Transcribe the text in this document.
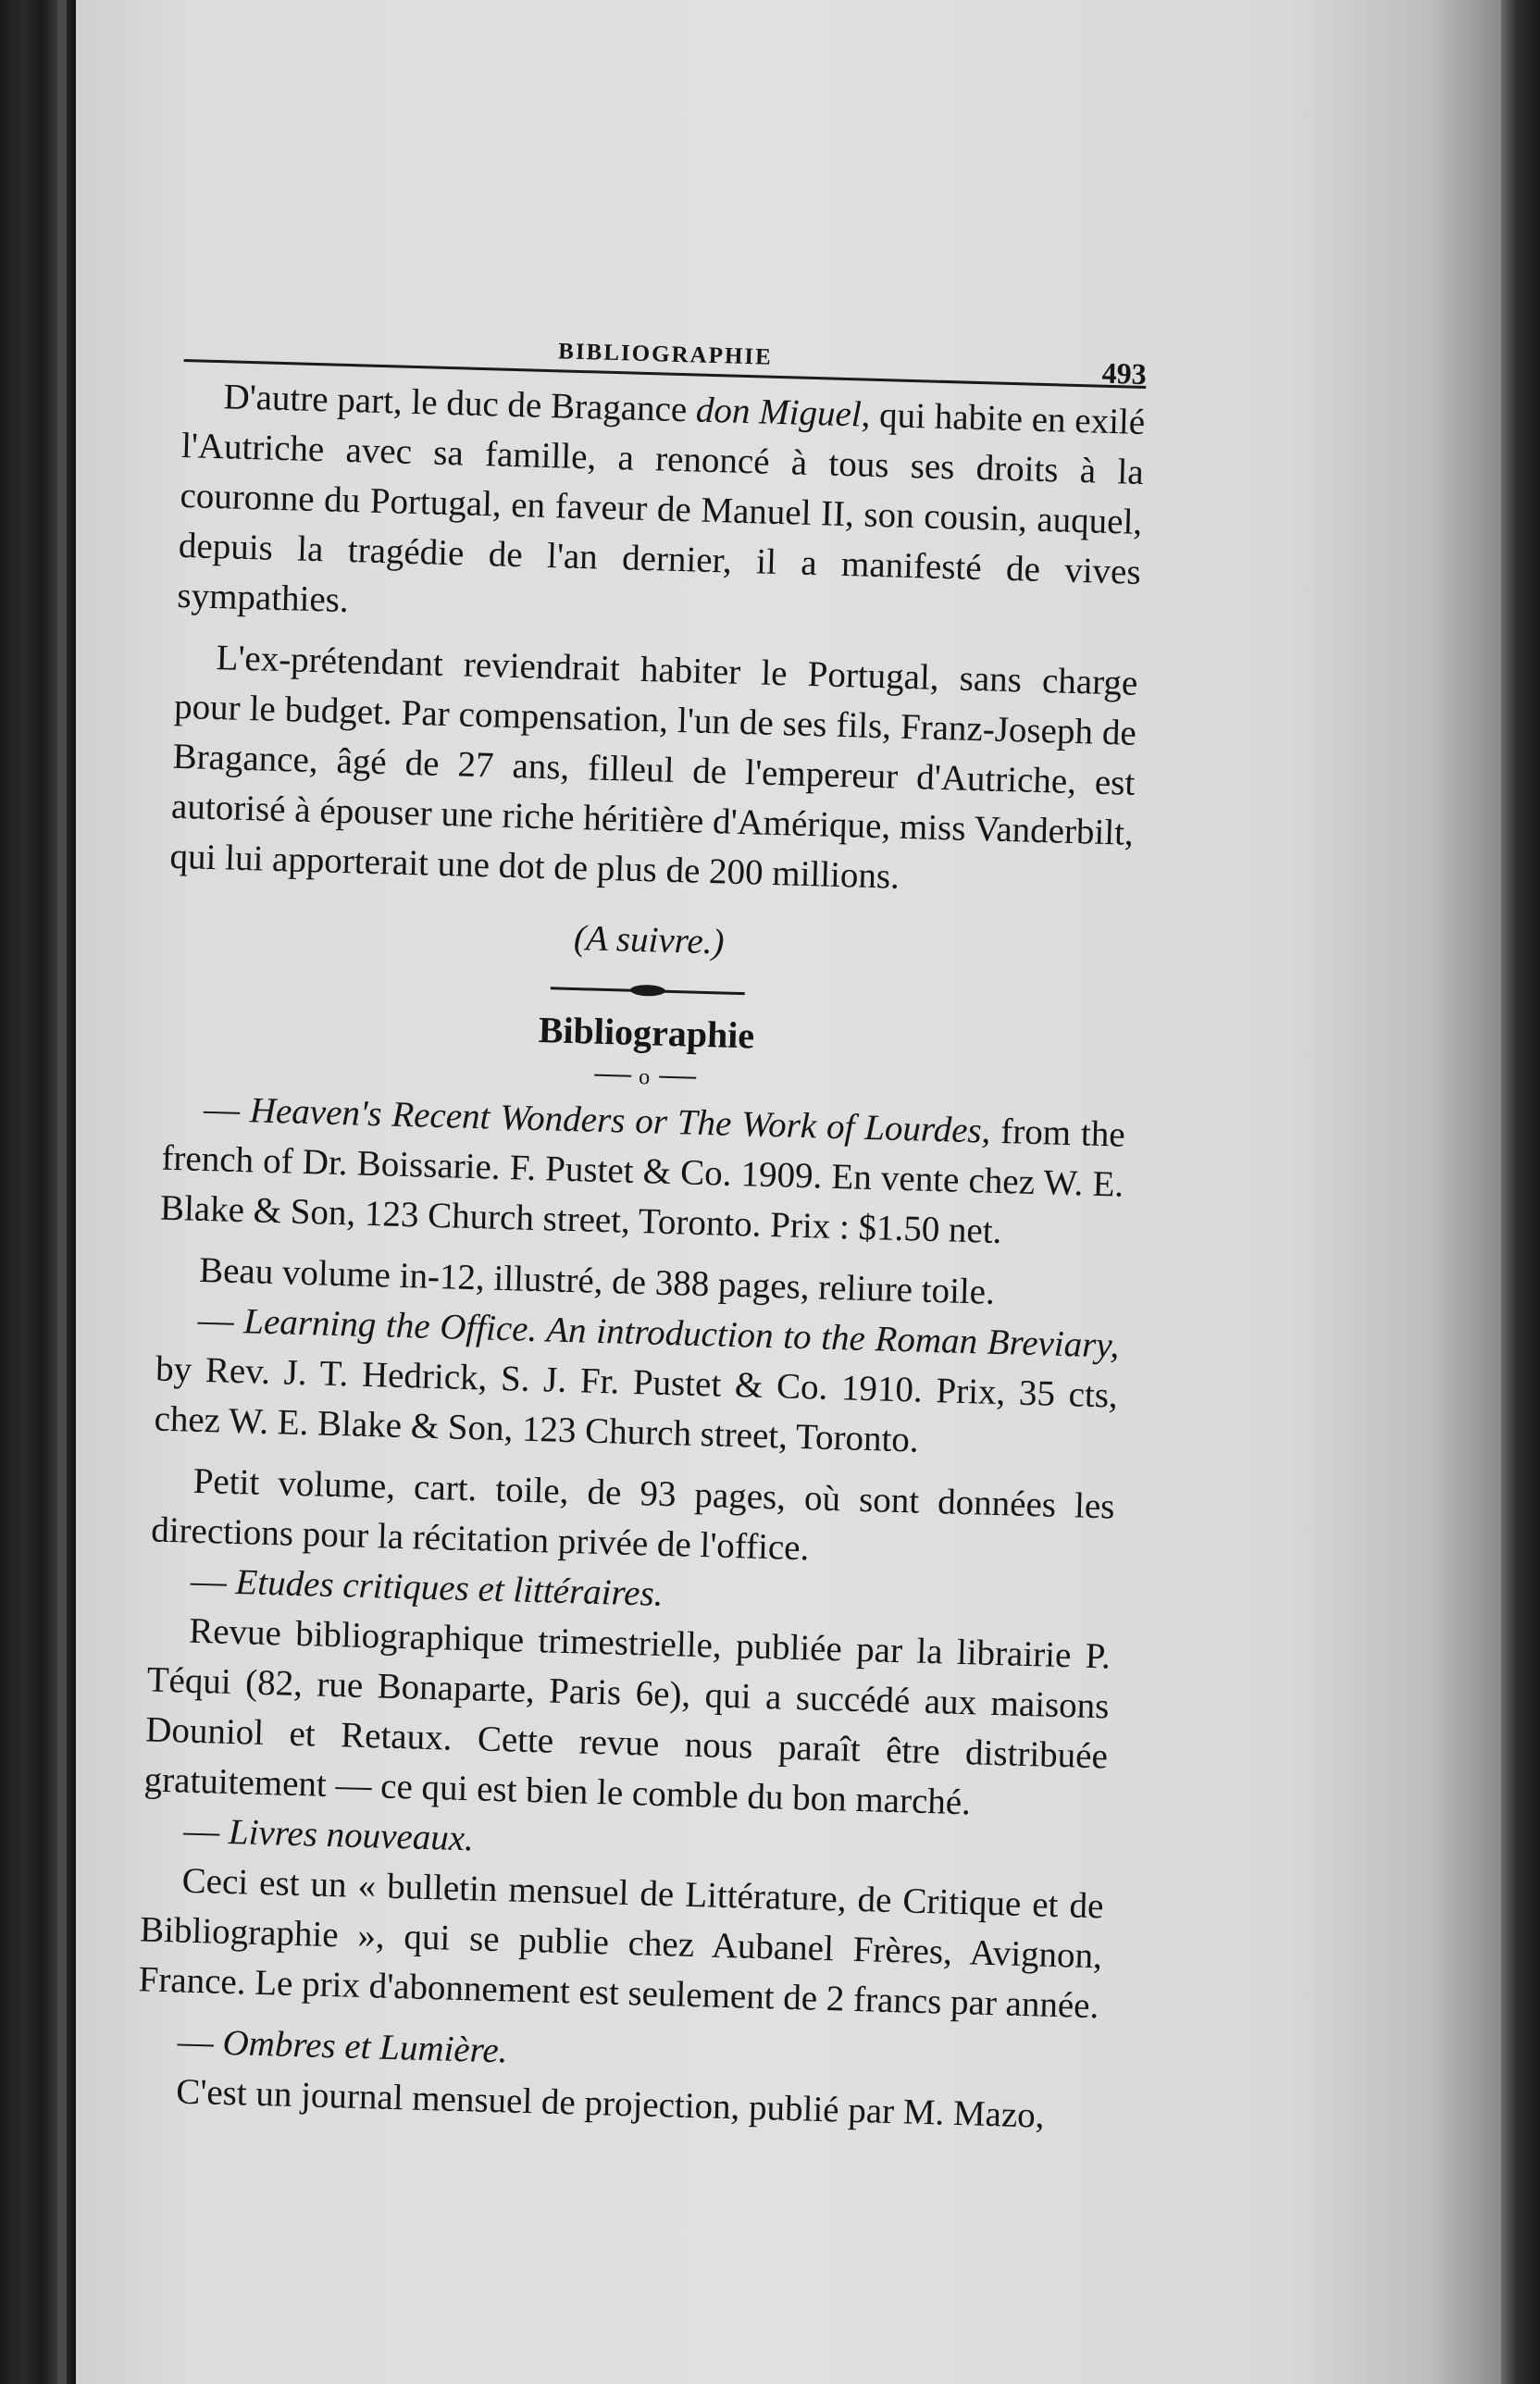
BIBLIOGRAPHIE
493

D'autre part, le duc de Bragance don Miguel, qui habite en exilé l'Autriche avec sa famille, a renoncé à tous ses droits à la couronne du Portugal, en faveur de Manuel II, son cousin, auquel, depuis la tragédie de l'an dernier, il a manifesté de vives sympathies.

L'ex-prétendant reviendrait habiter le Portugal, sans charge pour le budget. Par compensation, l'un de ses fils, Franz-Joseph de Bragance, âgé de 27 ans, filleul de l'empereur d'Autriche, est autorisé à épouser une riche héritière d'Amérique, miss Vanderbilt, qui lui apporterait une dot de plus de 200 millions.

(A suivre.)

Bibliographie

o

— Heaven's Recent Wonders or The Work of Lourdes, from the french of Dr. Boissarie. F. Pustet & Co. 1909. En vente chez W. E. Blake & Son, 123 Church street, Toronto. Prix : $1.50 net.

Beau volume in-12, illustré, de 388 pages, reliure toile.

— Learning the Office. An introduction to the Roman Breviary, by Rev. J. T. Hedrick, S. J. Fr. Pustet & Co. 1910. Prix, 35 cts, chez W. E. Blake & Son, 123 Church street, Toronto.

Petit volume, cart. toile, de 93 pages, où sont données les directions pour la récitation privée de l'office.

— Etudes critiques et littéraires.

Revue bibliographique trimestrielle, publiée par la librairie P. Téqui (82, rue Bonaparte, Paris 6e), qui a succédé aux maisons Douniol et Retaux. Cette revue nous paraît être distribuée gratuitement — ce qui est bien le comble du bon marché.

— Livres nouveaux.

Ceci est un « bulletin mensuel de Littérature, de Critique et de Bibliographie », qui se publie chez Aubanel Frères, Avignon, France. Le prix d'abonnement est seulement de 2 francs par année.

— Ombres et Lumière.

C'est un journal mensuel de projection, publié par M. Mazo,
